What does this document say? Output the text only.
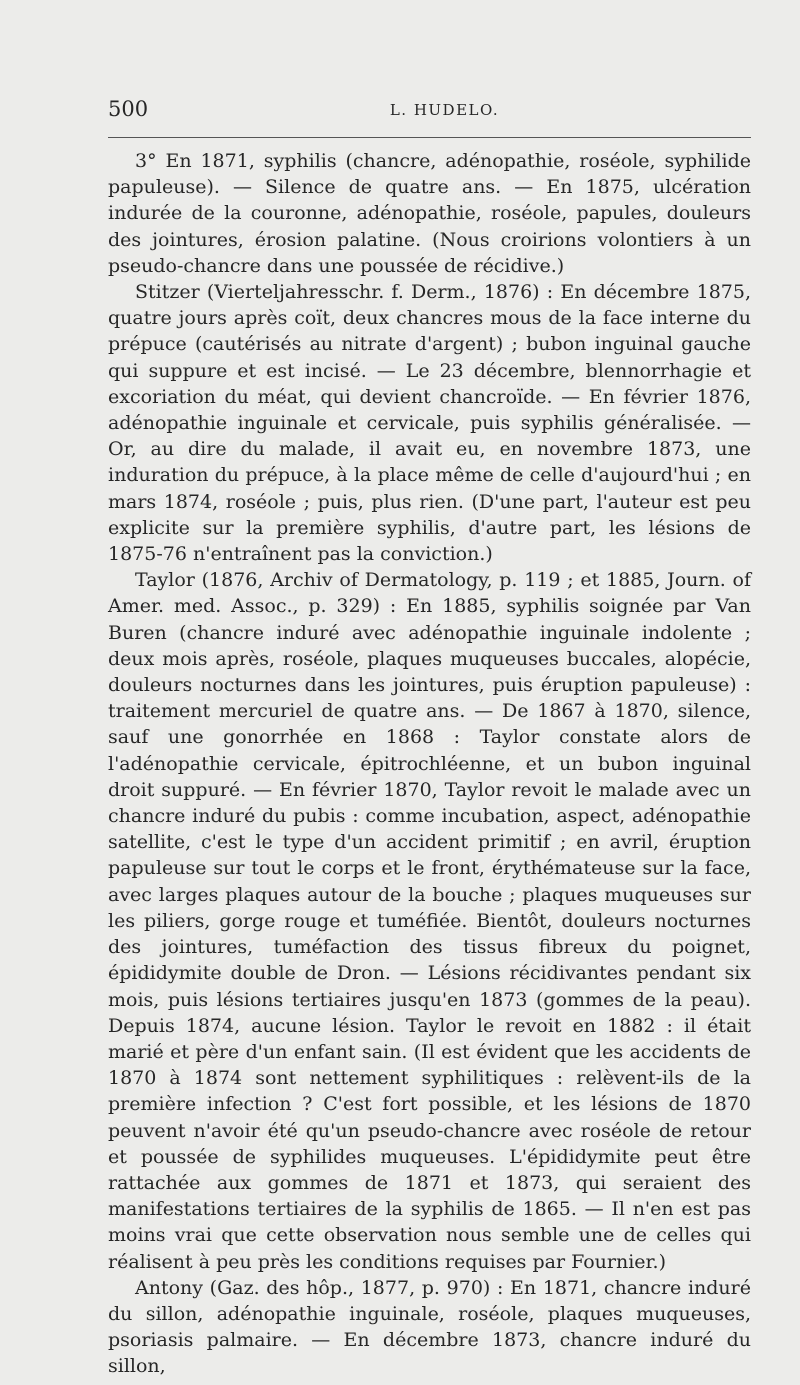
500	L. HUDELO.

3° En 1871, syphilis (chancre, adénopathie, roséole, syphilide papuleuse). — Silence de quatre ans. — En 1875, ulcération indurée de la couronne, adénopathie, roséole, papules, douleurs des jointures, érosion palatine. (Nous croirions volontiers à un pseudo-chancre dans une poussée de récidive.)

Stitzer (Vierteljahresschr. f. Derm., 1876) : En décembre 1875, quatre jours après coït, deux chancres mous de la face interne du prépuce (cautérisés au nitrate d'argent) ; bubon inguinal gauche qui suppure et est incisé. — Le 23 décembre, blennorrhagie et excoriation du méat, qui devient chancroïde. — En février 1876, adénopathie inguinale et cervicale, puis syphilis généralisée. — Or, au dire du malade, il avait eu, en novembre 1873, une induration du prépuce, à la place même de celle d'aujourd'hui ; en mars 1874, roséole ; puis, plus rien. (D'une part, l'auteur est peu explicite sur la première syphilis, d'autre part, les lésions de 1875-76 n'entraînent pas la conviction.)

Taylor (1876, Archiv of Dermatology, p. 119 ; et 1885, Journ. of Amer. med. Assoc., p. 329) : En 1885, syphilis soignée par Van Buren (chancre induré avec adénopathie inguinale indolente ; deux mois après, roséole, plaques muqueuses buccales, alopécie, douleurs nocturnes dans les jointures, puis éruption papuleuse) : traitement mercuriel de quatre ans. — De 1867 à 1870, silence, sauf une gonorrhée en 1868 : Taylor constate alors de l'adénopathie cervicale, épitrochléenne, et un bubon inguinal droit suppuré. — En février 1870, Taylor revoit le malade avec un chancre induré du pubis : comme incubation, aspect, adénopathie satellite, c'est le type d'un accident primitif ; en avril, éruption papuleuse sur tout le corps et le front, érythémateuse sur la face, avec larges plaques autour de la bouche ; plaques muqueuses sur les piliers, gorge rouge et tuméfiée. Bientôt, douleurs nocturnes des jointures, tuméfaction des tissus fibreux du poignet, épididymite double de Dron. — Lésions récidivantes pendant six mois, puis lésions tertiaires jusqu'en 1873 (gommes de la peau). Depuis 1874, aucune lésion. Taylor le revoit en 1882 : il était marié et père d'un enfant sain. (Il est évident que les accidents de 1870 à 1874 sont nettement syphilitiques : relèvent-ils de la première infection ? C'est fort possible, et les lésions de 1870 peuvent n'avoir été qu'un pseudo-chancre avec roséole de retour et poussée de syphilides muqueuses. L'épididymite peut être rattachée aux gommes de 1871 et 1873, qui seraient des manifestations tertiaires de la syphilis de 1865. — Il n'en est pas moins vrai que cette observation nous semble une de celles qui réalisent à peu près les conditions requises par Fournier.)

Antony (Gaz. des hôp., 1877, p. 970) : En 1871, chancre induré du sillon, adénopathie inguinale, roséole, plaques muqueuses, psoriasis palmaire. — En décembre 1873, chancre induré du sillon,
